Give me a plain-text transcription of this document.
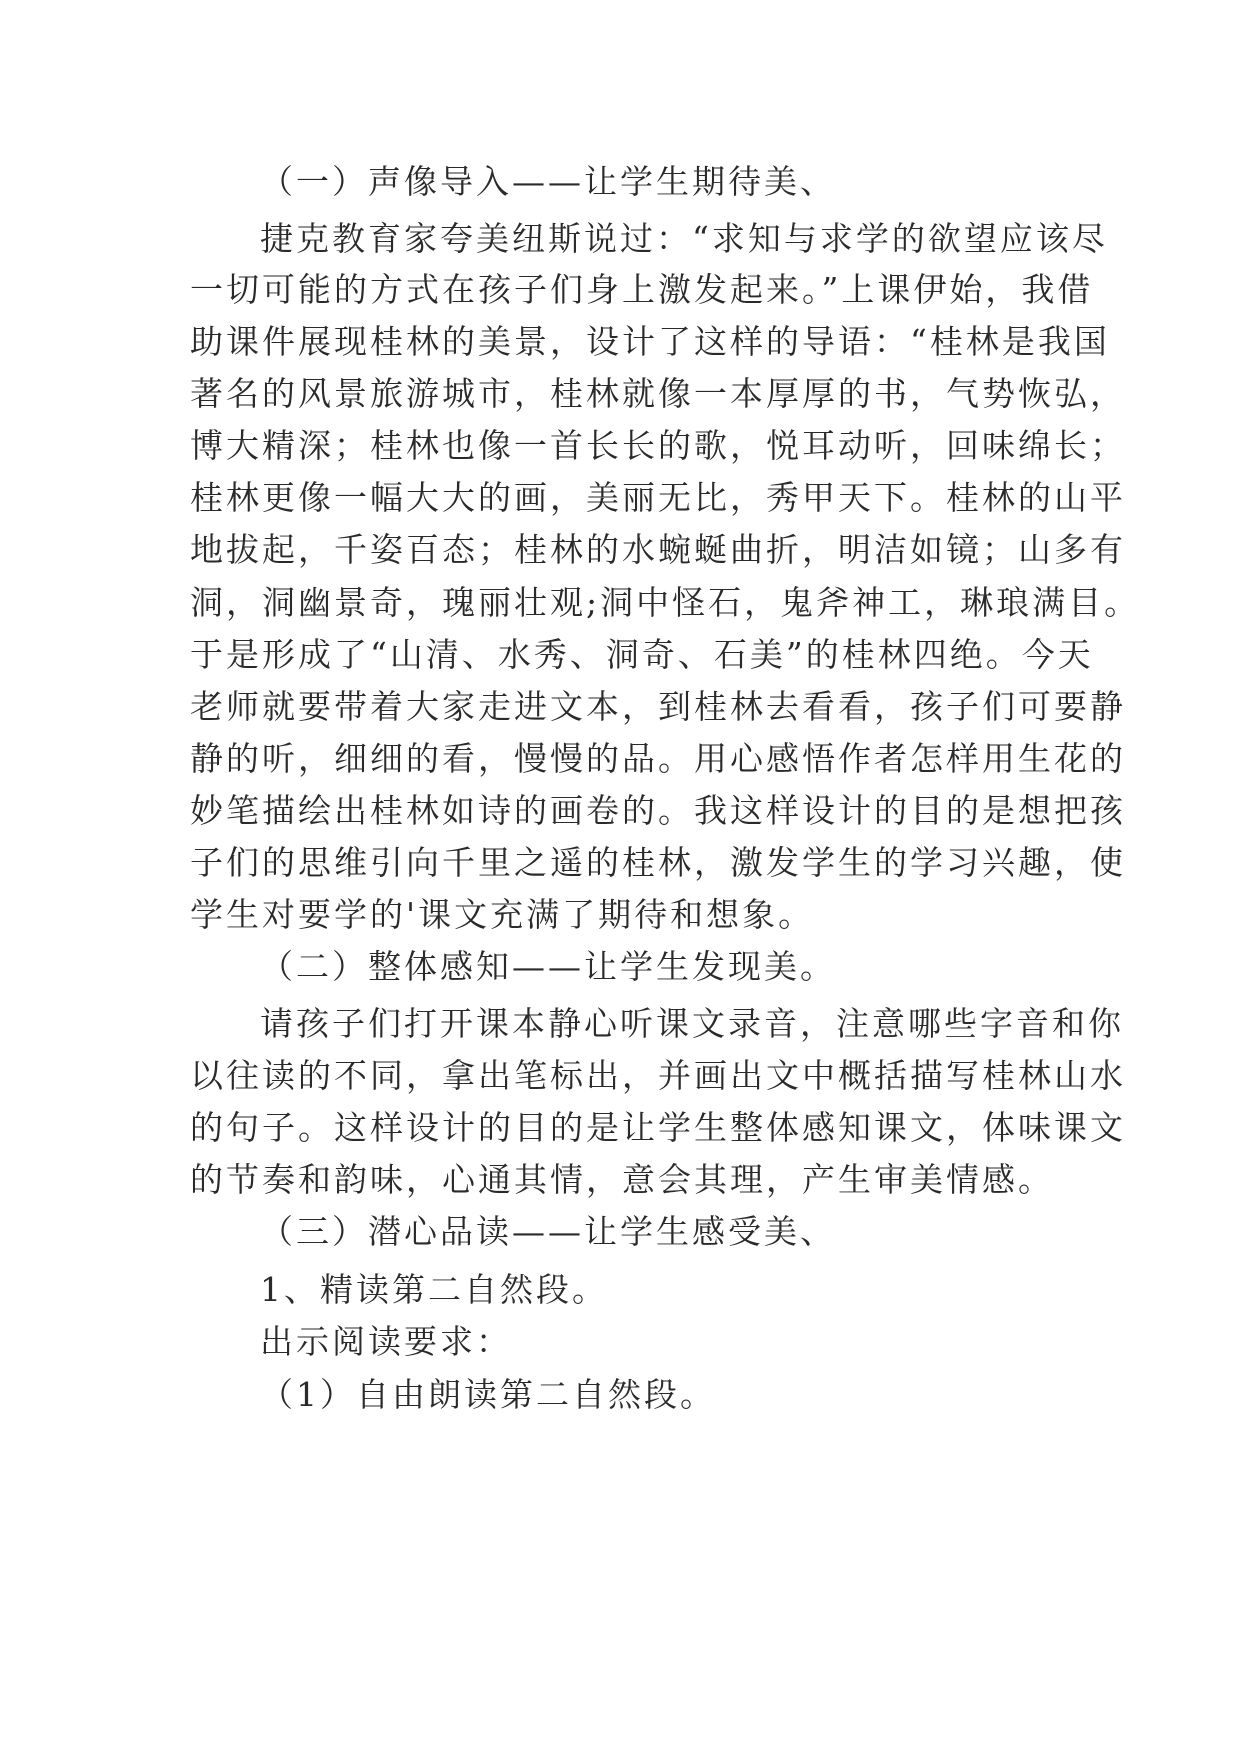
（一）声像导入——让学生期待美、
捷克教育家夸美纽斯说过：“求知与求学的欲望应该尽
一切可能的方式在孩子们身上激发起来。”上课伊始，我借
助课件展现桂林的美景，设计了这样的导语：“桂林是我国
著名的风景旅游城市，桂林就像一本厚厚的书，气势恢弘，
博大精深；桂林也像一首长长的歌，悦耳动听，回味绵长；
桂林更像一幅大大的画，美丽无比，秀甲天下。桂林的山平
地拔起，千姿百态；桂林的水蜿蜒曲折，明洁如镜；山多有
洞，洞幽景奇，瑰丽壮观;洞中怪石，鬼斧神工，琳琅满目。
于是形成了“山清、水秀、洞奇、石美”的桂林四绝。今天
老师就要带着大家走进文本，到桂林去看看，孩子们可要静
静的听，细细的看，慢慢的品。用心感悟作者怎样用生花的
妙笔描绘出桂林如诗的画卷的。我这样设计的目的是想把孩
子们的思维引向千里之遥的桂林，激发学生的学习兴趣，使
学生对要学的'课文充满了期待和想象。
（二）整体感知——让学生发现美。
请孩子们打开课本静心听课文录音，注意哪些字音和你
以往读的不同，拿出笔标出，并画出文中概括描写桂林山水
的句子。这样设计的目的是让学生整体感知课文，体味课文
的节奏和韵味，心通其情，意会其理，产生审美情感。
（三）潜心品读——让学生感受美、
1、精读第二自然段。
出示阅读要求：
（1）自由朗读第二自然段。
